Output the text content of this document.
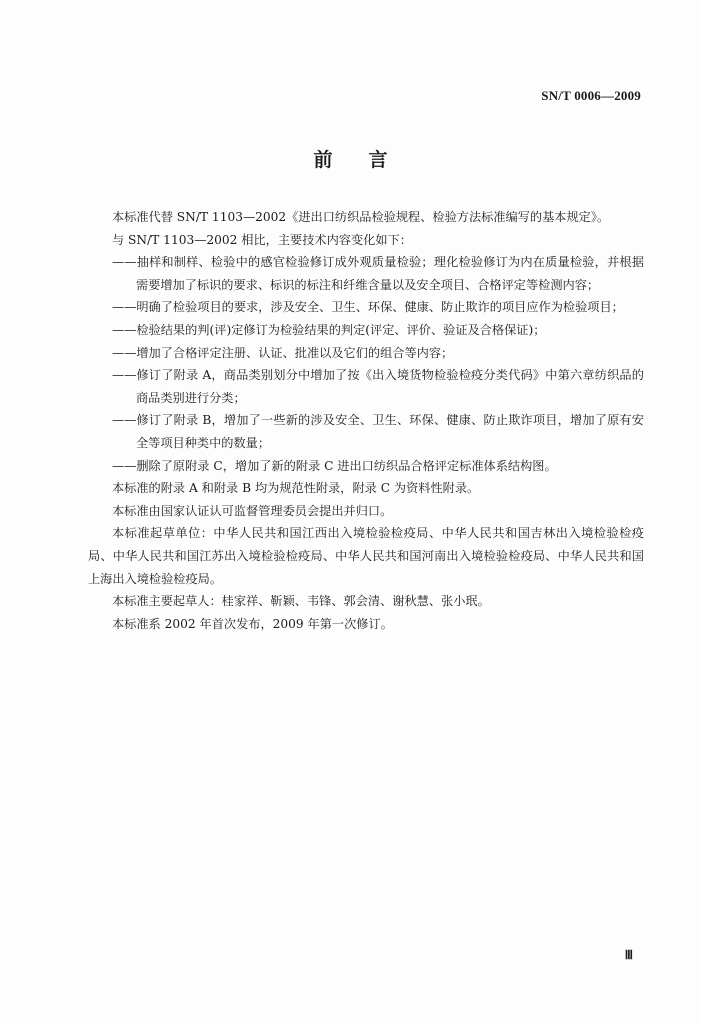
SN/T 0006—2009
前言

本标准代替 SN/T 1103—2002《进出口纺织品检验规程、检验方法标准编写的基本规定》。

与 SN/T 1103—2002 相比，主要技术内容变化如下：

——抽样和制样、检验中的感官检验修订成外观质量检验；理化检验修订为内在质量检验，并根据需要增加了标识的要求、标识的标注和纤维含量以及安全项目、合格评定等检测内容；

——明确了检验项目的要求，涉及安全、卫生、环保、健康、防止欺诈的项目应作为检验项目；

——检验结果的判(评)定修订为检验结果的判定(评定、评价、验证及合格保证)；

——增加了合格评定注册、认证、批准以及它们的组合等内容；

——修订了附录 A，商品类别划分中增加了按《出入境货物检验检疫分类代码》中第六章纺织品的商品类别进行分类；

——修订了附录 B，增加了一些新的涉及安全、卫生、环保、健康、防止欺诈项目，增加了原有安全等项目种类中的数量；

——删除了原附录 C，增加了新的附录 C 进出口纺织品合格评定标准体系结构图。

本标准的附录 A 和附录 B 均为规范性附录，附录 C 为资料性附录。

本标准由国家认证认可监督管理委员会提出并归口。

本标准起草单位：中华人民共和国江西出入境检验检疫局、中华人民共和国吉林出入境检验检疫局、中华人民共和国江苏出入境检验检疫局、中华人民共和国河南出入境检验检疫局、中华人民共和国上海出入境检验检疫局。

本标准主要起草人：桂家祥、靳颖、韦锋、郭会清、谢秋慧、张小珉。

本标准系 2002 年首次发布，2009 年第一次修订。

Ⅲ
